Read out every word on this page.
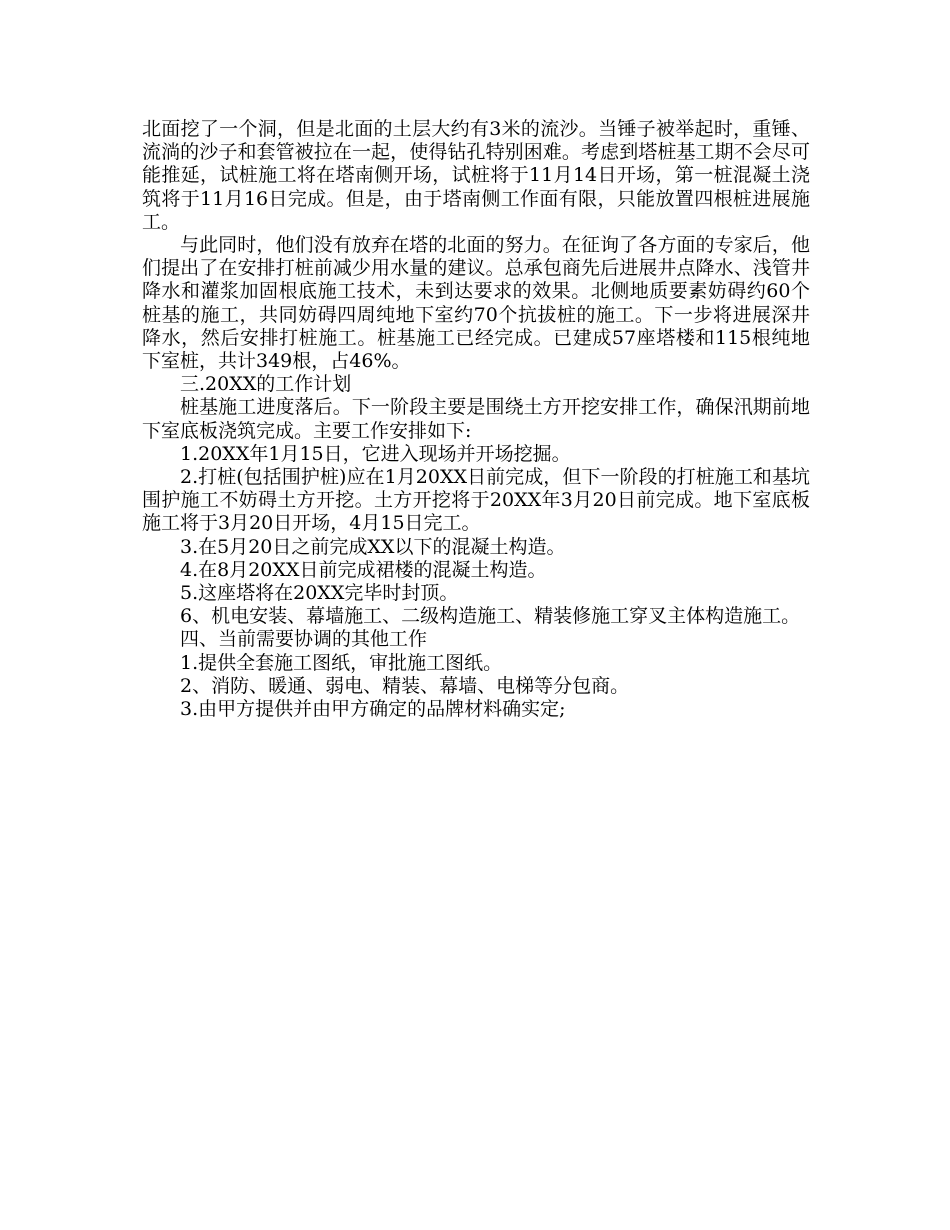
北面挖了一个洞，但是北面的土层大约有3米的流沙。当锤子被举起时，重锤、流淌的沙子和套管被拉在一起，使得钻孔特别困难。考虑到塔桩基工期不会尽可能推延，试桩施工将在塔南侧开场，试桩将于11月14日开场，第一桩混凝土浇筑将于11月16日完成。但是，由于塔南侧工作面有限，只能放置四根桩进展施工。

与此同时，他们没有放弃在塔的北面的努力。在征询了各方面的专家后，他们提出了在安排打桩前减少用水量的建议。总承包商先后进展井点降水、浅管井降水和灌浆加固根底施工技术，未到达要求的效果。北侧地质要素妨碍约60个桩基的施工，共同妨碍四周纯地下室约70个抗拔桩的施工。下一步将进展深井降水，然后安排打桩施工。桩基施工已经完成。已建成57座塔楼和115根纯地下室桩，共计349根，占46%。

三.20XX的工作计划

桩基施工进度落后。下一阶段主要是围绕土方开挖安排工作，确保汛期前地下室底板浇筑完成。主要工作安排如下:

1.20XX年1月15日，它进入现场并开场挖掘。

2.打桩(包括围护桩)应在1月20XX日前完成，但下一阶段的打桩施工和基坑围护施工不妨碍土方开挖。土方开挖将于20XX年3月20日前完成。地下室底板施工将于3月20日开场，4月15日完工。

3.在5月20日之前完成XX以下的混凝土构造。

4.在8月20XX日前完成裙楼的混凝土构造。

5.这座塔将在20XX完毕时封顶。

6、机电安装、幕墙施工、二级构造施工、精装修施工穿叉主体构造施工。

四、当前需要协调的其他工作

1.提供全套施工图纸，审批施工图纸。

2、消防、暖通、弱电、精装、幕墙、电梯等分包商。

3.由甲方提供并由甲方确定的品牌材料确实定;
